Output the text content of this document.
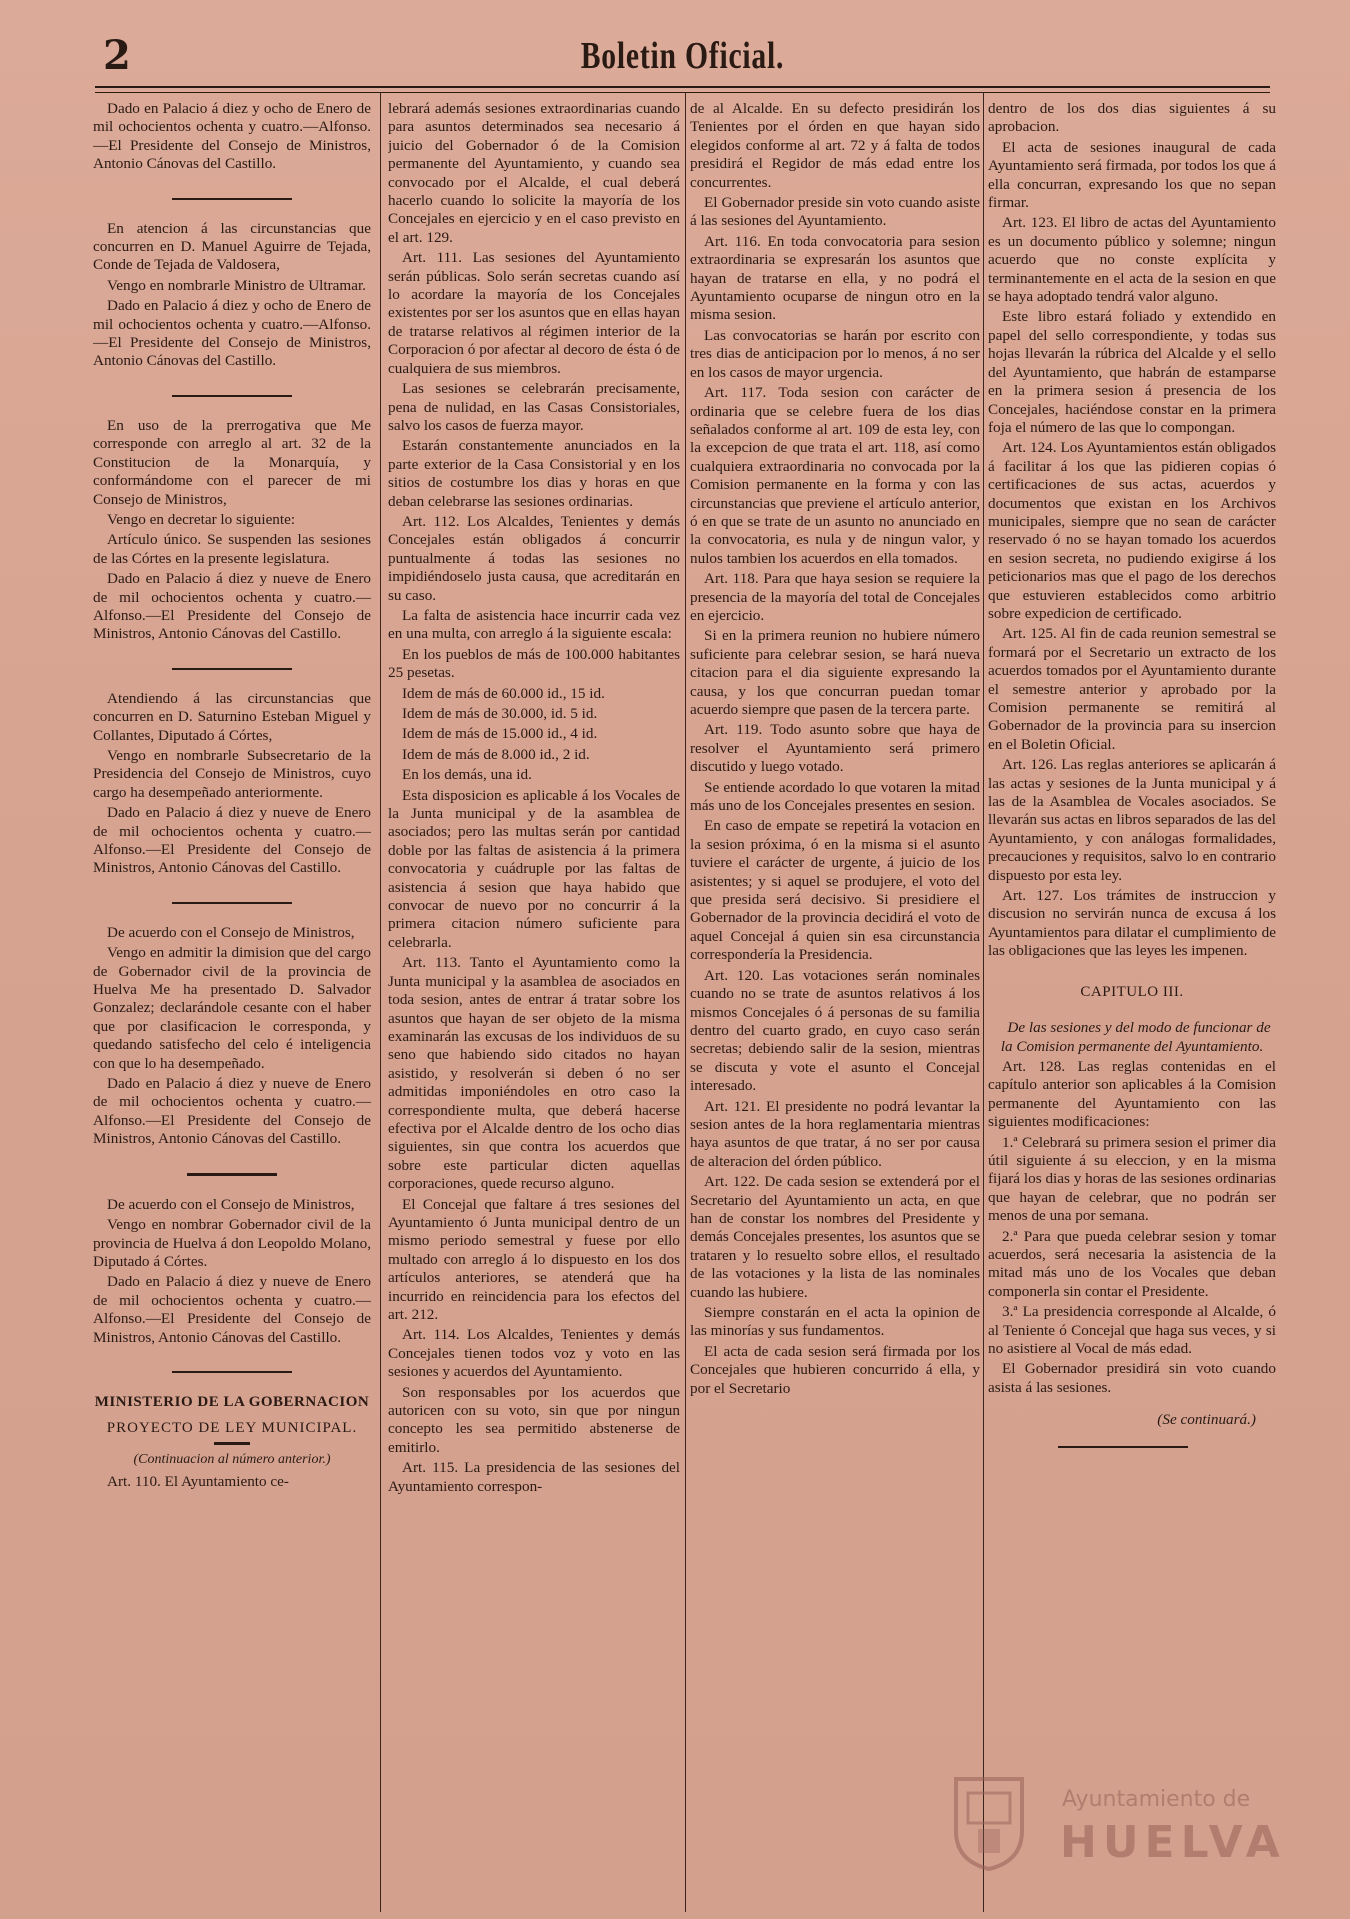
2	Boletin Oficial.

Dado en Palacio á diez y ocho de Enero de mil ochocientos ochenta y cuatro.—Alfonso.—El Presidente del Consejo de Ministros, Antonio Cánovas del Castillo.

En atencion á las circunstancias que concurren en D. Manuel Aguirre de Tejada, Conde de Tejada de Valdosera,

Vengo en nombrarle Ministro de Ultramar.

Dado en Palacio á diez y ocho de Enero de mil ochocientos ochenta y cuatro.—Alfonso.—El Presidente del Consejo de Ministros, Antonio Cánovas del Castillo.

En uso de la prerrogativa que Me corresponde con arreglo al art. 32 de la Constitucion de la Monarquía, y conformándome con el parecer de mi Consejo de Ministros,

Vengo en decretar lo siguiente:

Artículo único. Se suspenden las sesiones de las Córtes en la presente legislatura.

Dado en Palacio á diez y nueve de Enero de mil ochocientos ochenta y cuatro.—Alfonso.—El Presidente del Consejo de Ministros, Antonio Cánovas del Castillo.

Atendiendo á las circunstancias que concurren en D. Saturnino Esteban Miguel y Collantes, Diputado á Córtes,

Vengo en nombrarle Subsecretario de la Presidencia del Consejo de Ministros, cuyo cargo ha desempeñado anteriormente.

Dado en Palacio á diez y nueve de Enero de mil ochocientos ochenta y cuatro.—Alfonso.—El Presidente del Consejo de Ministros, Antonio Cánovas del Castillo.

De acuerdo con el Consejo de Ministros,

Vengo en admitir la dimision que del cargo de Gobernador civil de la provincia de Huelva Me ha presentado D. Salvador Gonzalez; declarándole cesante con el haber que por clasificacion le corresponda, y quedando satisfecho del celo é inteligencia con que lo ha desempeñado.

Dado en Palacio á diez y nueve de Enero de mil ochocientos ochenta y cuatro.—Alfonso.—El Presidente del Consejo de Ministros, Antonio Cánovas del Castillo.

De acuerdo con el Consejo de Ministros,

Vengo en nombrar Gobernador civil de la provincia de Huelva á don Leopoldo Molano, Diputado á Córtes.

Dado en Palacio á diez y nueve de Enero de mil ochocientos ochenta y cuatro.—Alfonso.—El Presidente del Consejo de Ministros, Antonio Cánovas del Castillo.

MINISTERIO DE LA GOBERNACION
PROYECTO DE LEY MUNICIPAL.
(Continuacion al número anterior.)

Art. 110. El Ayuntamiento ce-

lebrará además sesiones extraordinarias cuando para asuntos determinados sea necesario á juicio del Gobernador ó de la Comision permanente del Ayuntamiento, y cuando sea convocado por el Alcalde, el cual deberá hacerlo cuando lo solicite la mayoría de los Concejales en ejercicio y en el caso previsto en el art. 129.

Art. 111. Las sesiones del Ayuntamiento serán públicas. Solo serán secretas cuando así lo acordare la mayoría de los Concejales existentes por ser los asuntos que en ellas hayan de tratarse relativos al régimen interior de la Corporacion ó por afectar al decoro de ésta ó de cualquiera de sus miembros.

Las sesiones se celebrarán precisamente, pena de nulidad, en las Casas Consistoriales, salvo los casos de fuerza mayor.

Estarán constantemente anunciados en la parte exterior de la Casa Consistorial y en los sitios de costumbre los dias y horas en que deban celebrarse las sesiones ordinarias.

Art. 112. Los Alcaldes, Tenientes y demás Concejales están obligados á concurrir puntualmente á todas las sesiones no impidiéndoselo justa causa, que acreditarán en su caso.

La falta de asistencia hace incurrir cada vez en una multa, con arreglo á la siguiente escala:

En los pueblos de más de 100.000 habitantes 25 pesetas.

Idem de más de 60.000 id., 15 id.

Idem de más de 30.000, id. 5 id.

Idem de más de 15.000 id., 4 id.

Idem de más de 8.000 id., 2 id.

En los demás, una id.

Esta disposicion es aplicable á los Vocales de la Junta municipal y de la asamblea de asociados; pero las multas serán por cantidad doble por las faltas de asistencia á la primera convocatoria y cuádruple por las faltas de asistencia á sesion que haya habido que convocar de nuevo por no concurrir á la primera citacion número suficiente para celebrarla.

Art. 113. Tanto el Ayuntamiento como la Junta municipal y la asamblea de asociados en toda sesion, antes de entrar á tratar sobre los asuntos que hayan de ser objeto de la misma examinarán las excusas de los individuos de su seno que habiendo sido citados no hayan asistido, y resolverán si deben ó no ser admitidas imponiéndoles en otro caso la correspondiente multa, que deberá hacerse efectiva por el Alcalde dentro de los ocho dias siguientes, sin que contra los acuerdos que sobre este particular dicten aquellas corporaciones, quede recurso alguno.

El Concejal que faltare á tres sesiones del Ayuntamiento ó Junta municipal dentro de un mismo periodo semestral y fuese por ello multado con arreglo á lo dispuesto en los dos artículos anteriores, se atenderá que ha incurrido en reincidencia para los efectos del art. 212.

Art. 114. Los Alcaldes, Tenientes y demás Concejales tienen todos voz y voto en las sesiones y acuerdos del Ayuntamiento.

Son responsables por los acuerdos que autoricen con su voto, sin que por ningun concepto les sea permitido abstenerse de emitirlo.

Art. 115. La presidencia de las sesiones del Ayuntamiento correspon-

de al Alcalde. En su defecto presidirán los Tenientes por el órden en que hayan sido elegidos conforme al art. 72 y á falta de todos presidirá el Regidor de más edad entre los concurrentes.

El Gobernador preside sin voto cuando asiste á las sesiones del Ayuntamiento.

Art. 116. En toda convocatoria para sesion extraordinaria se expresarán los asuntos que hayan de tratarse en ella, y no podrá el Ayuntamiento ocuparse de ningun otro en la misma sesion.

Las convocatorias se harán por escrito con tres dias de anticipacion por lo menos, á no ser en los casos de mayor urgencia.

Art. 117. Toda sesion con carácter de ordinaria que se celebre fuera de los dias señalados conforme al art. 109 de esta ley, con la excepcion de que trata el art. 118, así como cualquiera extraordinaria no convocada por la Comision permanente en la forma y con las circunstancias que previene el artículo anterior, ó en que se trate de un asunto no anunciado en la convocatoria, es nula y de ningun valor, y nulos tambien los acuerdos en ella tomados.

Art. 118. Para que haya sesion se requiere la presencia de la mayoría del total de Concejales en ejercicio.

Si en la primera reunion no hubiere número suficiente para celebrar sesion, se hará nueva citacion para el dia siguiente expresando la causa, y los que concurran puedan tomar acuerdo siempre que pasen de la tercera parte.

Art. 119. Todo asunto sobre que haya de resolver el Ayuntamiento será primero discutido y luego votado.

Se entiende acordado lo que votaren la mitad más uno de los Concejales presentes en sesion.

En caso de empate se repetirá la votacion en la sesion próxima, ó en la misma si el asunto tuviere el carácter de urgente, á juicio de los asistentes; y si aquel se produjere, el voto del que presida será decisivo. Si presidiere el Gobernador de la provincia decidirá el voto de aquel Concejal á quien sin esa circunstancia correspondería la Presidencia.

Art. 120. Las votaciones serán nominales cuando no se trate de asuntos relativos á los mismos Concejales ó á personas de su familia dentro del cuarto grado, en cuyo caso serán secretas; debiendo salir de la sesion, mientras se discuta y vote el asunto el Concejal interesado.

Art. 121. El presidente no podrá levantar la sesion antes de la hora reglamentaria mientras haya asuntos de que tratar, á no ser por causa de alteracion del órden público.

Art. 122. De cada sesion se extenderá por el Secretario del Ayuntamiento un acta, en que han de constar los nombres del Presidente y demás Concejales presentes, los asuntos que se trataren y lo resuelto sobre ellos, el resultado de las votaciones y la lista de las nominales cuando las hubiere.

Siempre constarán en el acta la opinion de las minorías y sus fundamentos.

El acta de cada sesion será firmada por los Concejales que hubieren concurrido á ella, y por el Secretario

dentro de los dos dias siguientes á su aprobacion.

El acta de sesiones inaugural de cada Ayuntamiento será firmada, por todos los que á ella concurran, expresando los que no sepan firmar.

Art. 123. El libro de actas del Ayuntamiento es un documento público y solemne; ningun acuerdo que no conste explícita y terminantemente en el acta de la sesion en que se haya adoptado tendrá valor alguno.

Este libro estará foliado y extendido en papel del sello correspondiente, y todas sus hojas llevarán la rúbrica del Alcalde y el sello del Ayuntamiento, que habrán de estamparse en la primera sesion á presencia de los Concejales, haciéndose constar en la primera foja el número de las que lo compongan.

Art. 124. Los Ayuntamientos están obligados á facilitar á los que las pidieren copias ó certificaciones de sus actas, acuerdos y documentos que existan en los Archivos municipales, siempre que no sean de carácter reservado ó no se hayan tomado los acuerdos en sesion secreta, no pudiendo exigirse á los peticionarios mas que el pago de los derechos que estuvieren establecidos como arbitrio sobre expedicion de certificado.

Art. 125. Al fin de cada reunion semestral se formará por el Secretario un extracto de los acuerdos tomados por el Ayuntamiento durante el semestre anterior y aprobado por la Comision permanente se remitirá al Gobernador de la provincia para su insercion en el Boletin Oficial.

Art. 126. Las reglas anteriores se aplicarán á las actas y sesiones de la Junta municipal y á las de la Asamblea de Vocales asociados. Se llevarán sus actas en libros separados de las del Ayuntamiento, y con análogas formalidades, precauciones y requisitos, salvo lo en contrario dispuesto por esta ley.

Art. 127. Los trámites de instruccion y discusion no servirán nunca de excusa á los Ayuntamientos para dilatar el cumplimiento de las obligaciones que las leyes les impenen.

CAPITULO III.

De las sesiones y del modo de funcionar de la Comision permanente del Ayuntamiento.

Art. 128. Las reglas contenidas en el capítulo anterior son aplicables á la Comision permanente del Ayuntamiento con las siguientes modificaciones:

1.ª Celebrará su primera sesion el primer dia útil siguiente á su eleccion, y en la misma fijará los dias y horas de las sesiones ordinarias que hayan de celebrar, que no podrán ser menos de una por semana.

2.ª Para que pueda celebrar sesion y tomar acuerdos, será necesaria la asistencia de la mitad más uno de los Vocales que deban componerla sin contar el Presidente.

3.ª La presidencia corresponde al Alcalde, ó al Teniente ó Concejal que haga sus veces, y si no asistiere al Vocal de más edad.

El Gobernador presidirá sin voto cuando asista á las sesiones.

(Se continuará.)
Ayuntamiento de
HUELVA
